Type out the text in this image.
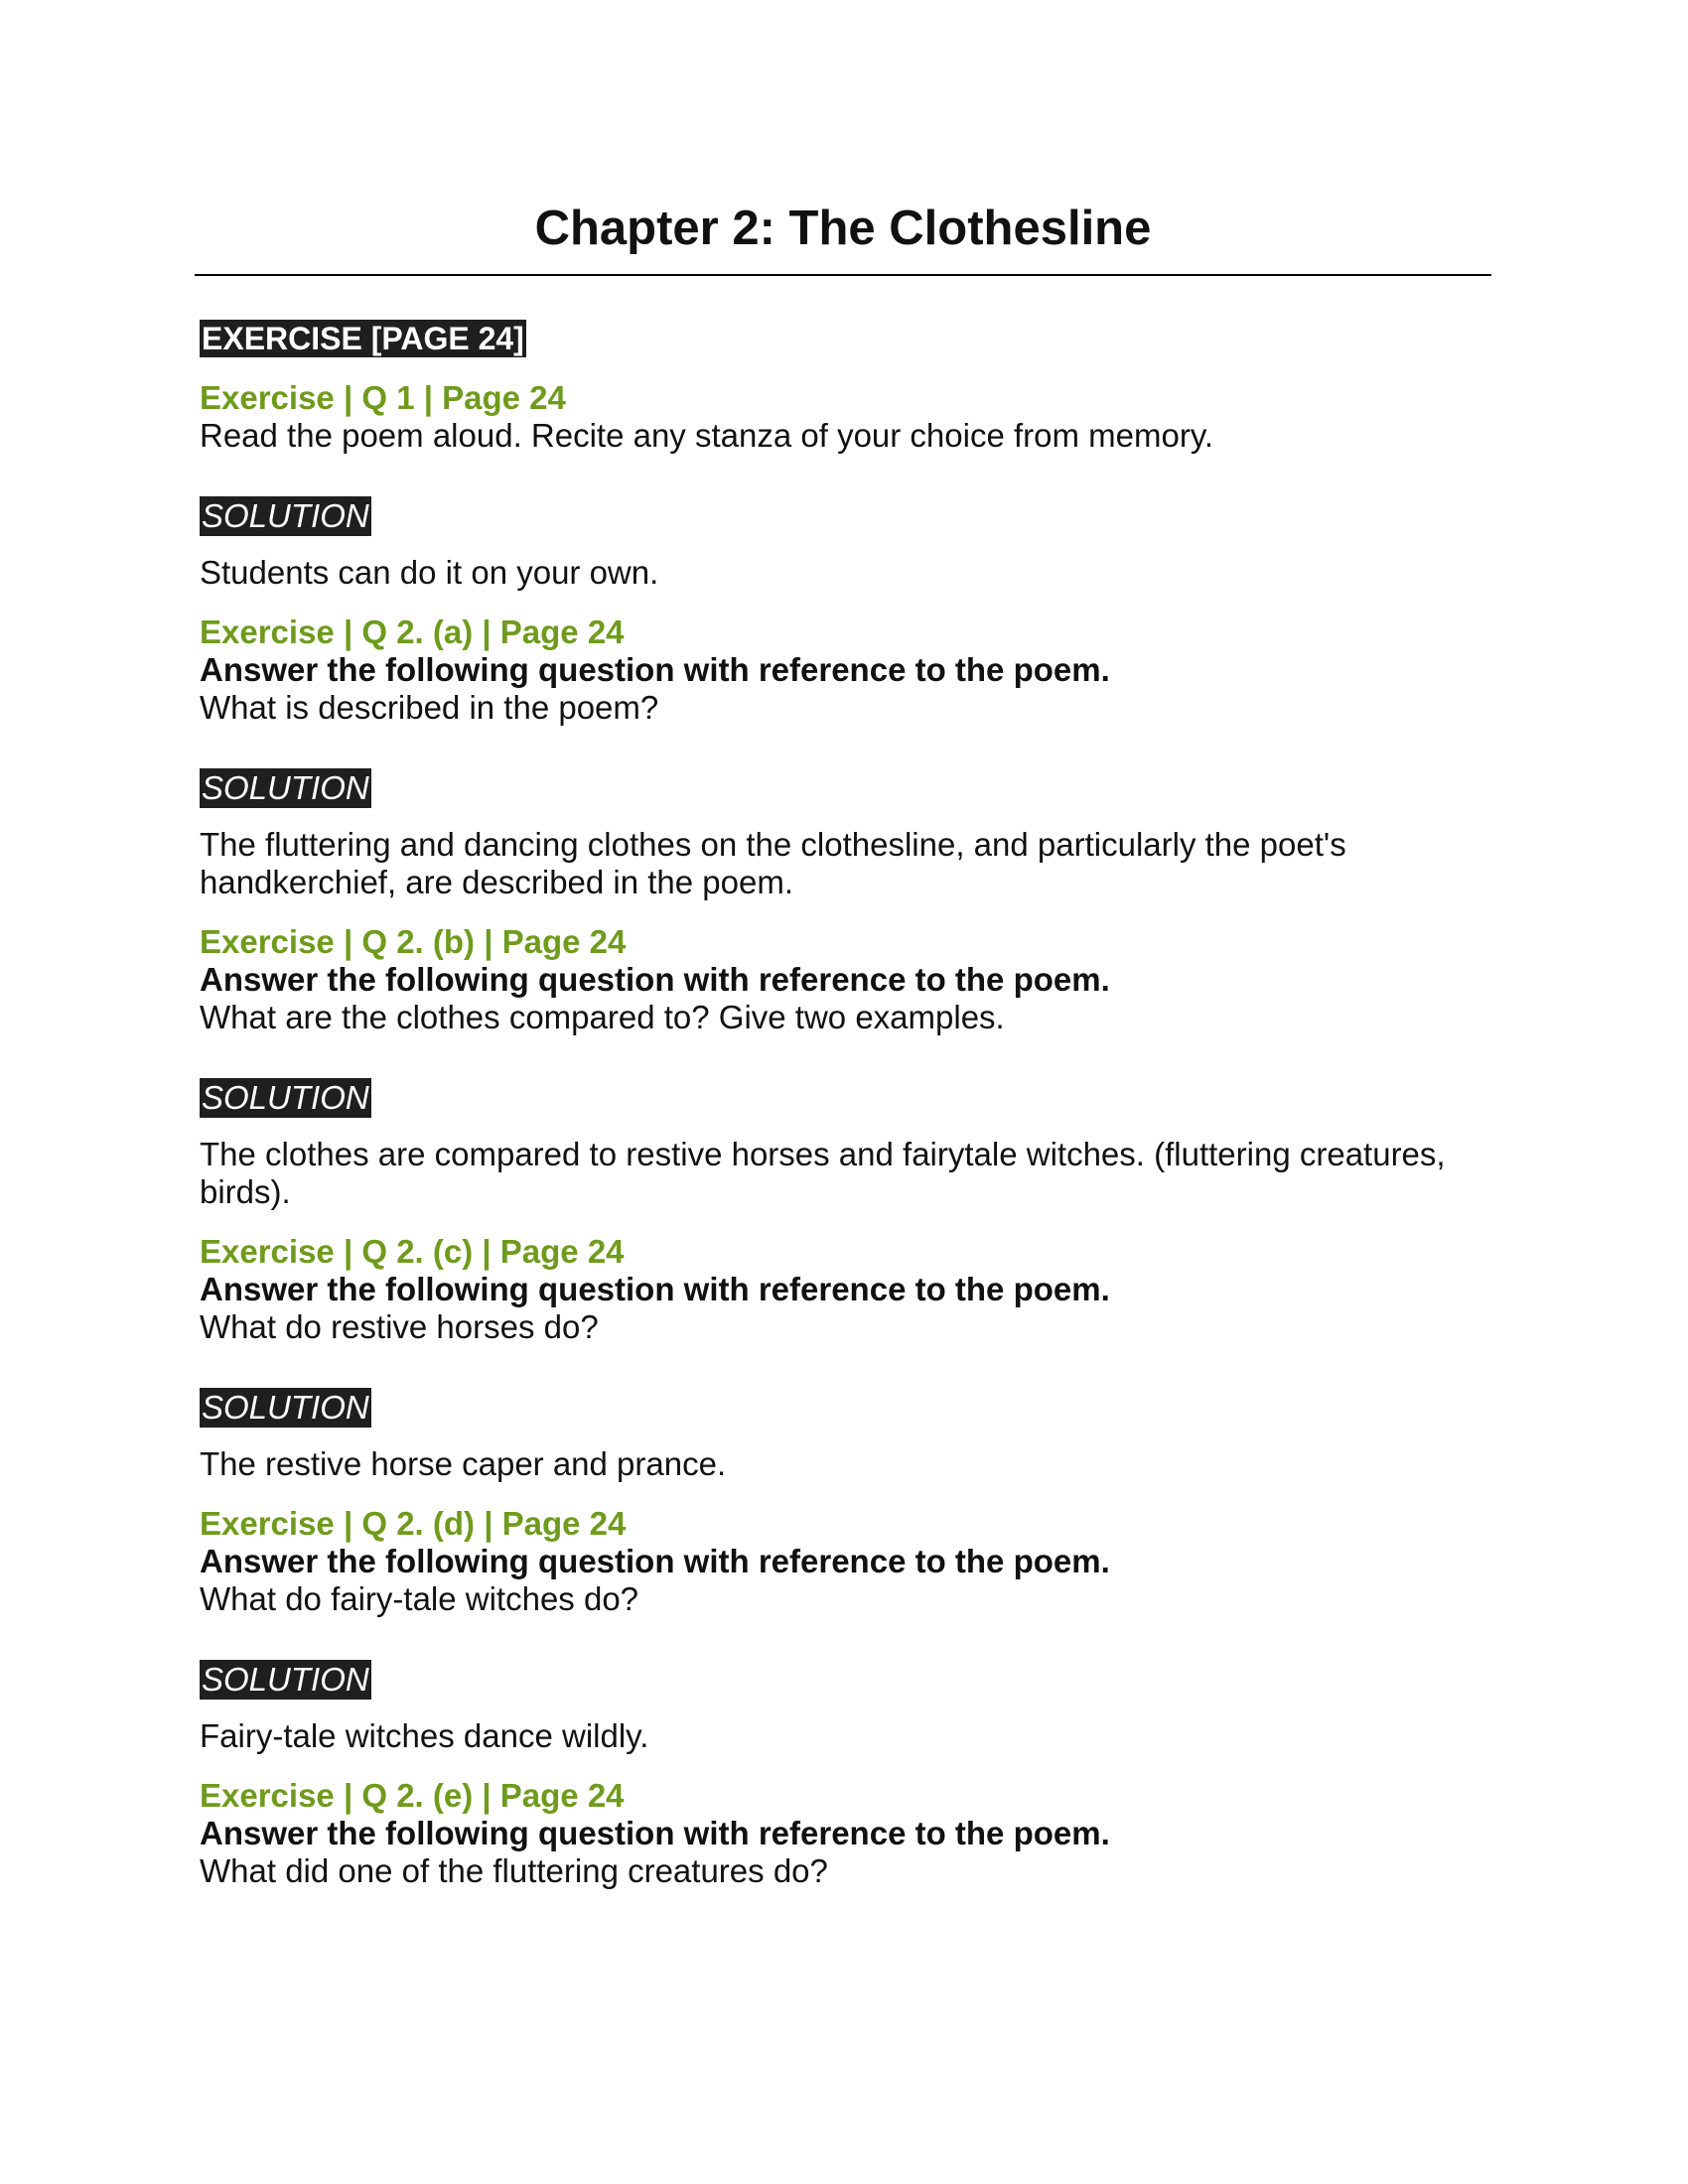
Chapter 2: The Clothesline
EXERCISE [PAGE 24]

Exercise | Q 1 | Page 24

Read the poem aloud. Recite any stanza of your choice from memory.

SOLUTION

Students can do it on your own.

Exercise | Q 2. (a) | Page 24

Answer the following question with reference to the poem.

What is described in the poem?

SOLUTION

The fluttering and dancing clothes on the clothesline, and particularly the poet's handkerchief, are described in the poem.

Exercise | Q 2. (b) | Page 24

Answer the following question with reference to the poem.

What are the clothes compared to? Give two examples.

SOLUTION

The clothes are compared to restive horses and fairytale witches. (fluttering creatures, birds).

Exercise | Q 2. (c) | Page 24

Answer the following question with reference to the poem.

What do restive horses do?

SOLUTION

The restive horse caper and prance.

Exercise | Q 2. (d) | Page 24

Answer the following question with reference to the poem.

What do fairy-tale witches do?

SOLUTION

Fairy-tale witches dance wildly.

Exercise | Q 2. (e) | Page 24

Answer the following question with reference to the poem.

What did one of the fluttering creatures do?
